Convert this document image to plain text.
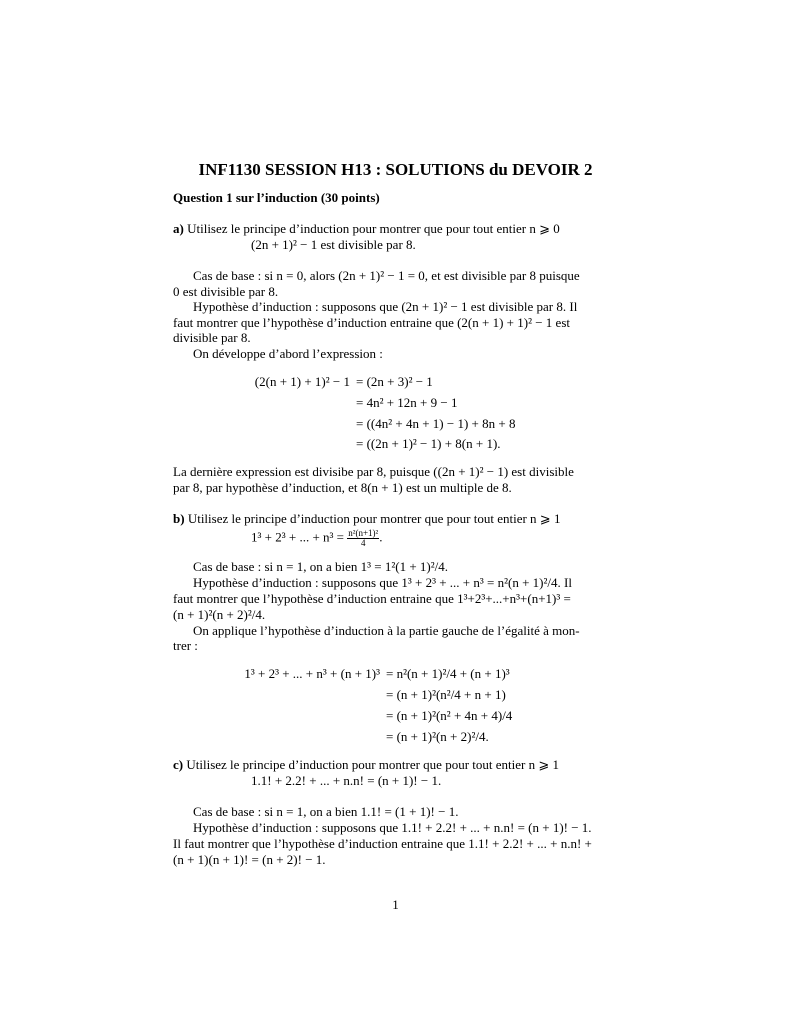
INF1130 SESSION H13 : SOLUTIONS du DEVOIR 2
Question 1 sur l’induction (30 points)
a) Utilisez le principe d’induction pour montrer que pour tout entier n ⩾ 0
(2n + 1)² − 1 est divisible par 8.
Cas de base : si n = 0, alors (2n + 1)² − 1 = 0, et est divisible par 8 puisque
0 est divisible par 8.
Hypothèse d’induction : supposons que (2n + 1)² − 1 est divisible par 8. Il
faut montrer que l’hypothèse d’induction entraine que (2(n + 1) + 1)² − 1 est
divisible par 8.
On développe d’abord l’expression :
(2(n + 1) + 1)² − 1 = (2n + 3)² − 1
= 4n² + 12n + 9 − 1
= ((4n² + 4n + 1) − 1) + 8n + 8
= ((2n + 1)² − 1) + 8(n + 1).
La dernière expression est divisibe par 8, puisque ((2n + 1)² − 1) est divisible
par 8, par hypothèse d’induction, et 8(n + 1) est un multiple de 8.
b) Utilisez le principe d’induction pour montrer que pour tout entier n ⩾ 1
1³ + 2³ + ... + $n^3 = \frac{\text{n²(n+1)²}}{4}$ .
Cas de base : si n = 1, on a bien 1³ = 1²(1 + 1)²/4.
Hypothèse d’induction : supposons que 1³ + 2³ + ... + n³ = n²(n + 1)²/4. Il
faut montrer que l’hypothèse d’induction entraine que 1³+2³+...+n³+(n+1)³ =
(n + 1)²(n + 2)²/4.
On applique l’hypothèse d’induction à la partie gauche de l’égalité à mon-
trer :
1³ + 2³ + ... + n³ + (n + 1)³ = n²(n + 1)²/4 + (n + 1)³
= (n + 1)²(n²/4 + n + 1)
= (n + 1)²(n² + 4n + 4)/4
= (n + 1)²(n + 2)²/4.
c) Utilisez le principe d’induction pour montrer que pour tout entier n ⩾ 1
1.1! + 2.2! + ... + n.n! = (n + 1)! − 1.
Cas de base : si n = 1, on a bien 1.1! = (1 + 1)! − 1.
Hypothèse d’induction : supposons que 1.1! + 2.2! + ... + n.n! = (n + 1)! − 1.
Il faut montrer que l’hypothèse d’induction entraine que 1.1! + 2.2! + ... + n.n! +
(n + 1)(n + 1)! = (n + 2)! − 1.
1
